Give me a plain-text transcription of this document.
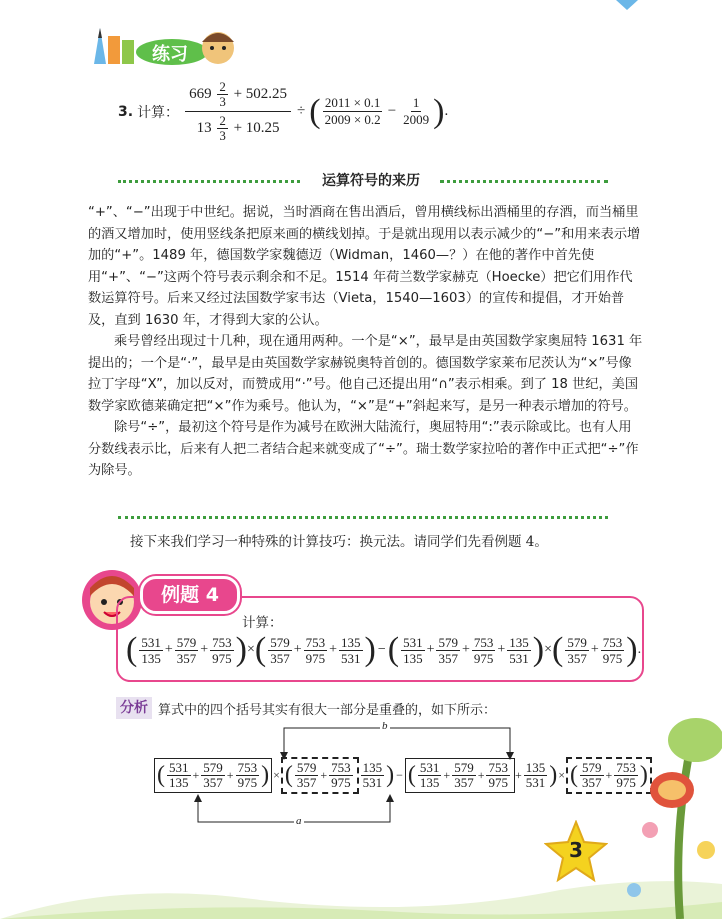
练习
3. 计算： $\frac{669 \frac{2}{3} + 502.25}{13 \frac{2}{3} + 10.25}$ ÷ ( $\frac{2011 \times 0.1}{2009 \times 0.2} - \frac{1}{2009}$ ) .
运算符号的来历

“+”、“−”出现于中世纪。据说，当时酒商在售出酒后，曾用横线标出酒桶里的存酒，而当桶里的酒又增加时，使用竖线条把原来画的横线划掉。于是就出现用以表示减少的“−”和用来表示增加的“+”。1489 年，德国数学家魏德迈（Widman，1460—？）在他的著作中首先使用“+”、“−”这两个符号表示剩余和不足。1514 年荷兰数学家赫克（Hoecke）把它们用作代数运算符号。后来又经过法国数学家韦达（Vieta，1540—1603）的宣传和提倡，才开始普及，直到 1630 年，才得到大家的公认。

乘号曾经出现过十几种，现在通用两种。一个是“×”，最早是由英国数学家奥屈特 1631 年提出的；一个是“·”，最早是由英国数学家赫锐奥特首创的。德国数学家莱布尼茨认为“×”号像拉丁字母“X”，加以反对，而赞成用“·”号。他自己还提出用“∩”表示相乘。到了 18 世纪，美国数学家欧德莱确定把“×”作为乘号。他认为，“×”是“+”斜起来写，是另一种表示增加的符号。

除号“÷”，最初这个符号是作为减号在欧洲大陆流行，奥屈特用“:”表示除或比。也有人用分数线表示比，后来有人把二者结合起来就变成了“÷”。瑞士数学家拉哈的著作中正式把“÷”作为除号。

接下来我们学习一种特殊的计算技巧：换元法。请同学们先看例题 4。
例题 4
计算：
( $\frac{531}{135} + \frac{579}{357} + \frac{753}{975}$ ) × ( $\frac{579}{357} + \frac{753}{975} + \frac{135}{531}$ ) − ( $\frac{531}{135} + \frac{579}{357} + \frac{753}{975} + \frac{135}{531}$ ) × ( $\frac{579}{357} + \frac{753}{975}$ ) .
分析 算式中的四个括号其实有很大一部分是重叠的，如下所示：
b
a
( $\frac{531}{135} + \frac{579}{357} + \frac{753}{975}$ ) × ( $\frac{579}{357} + \frac{753}{975} \frac{135}{531}$ ) − ( $\frac{531}{135} + \frac{579}{357} + \frac{753}{975} + \frac{135}{531}$ ) × ( $\frac{579}{357} + \frac{753}{975}$ )
3
